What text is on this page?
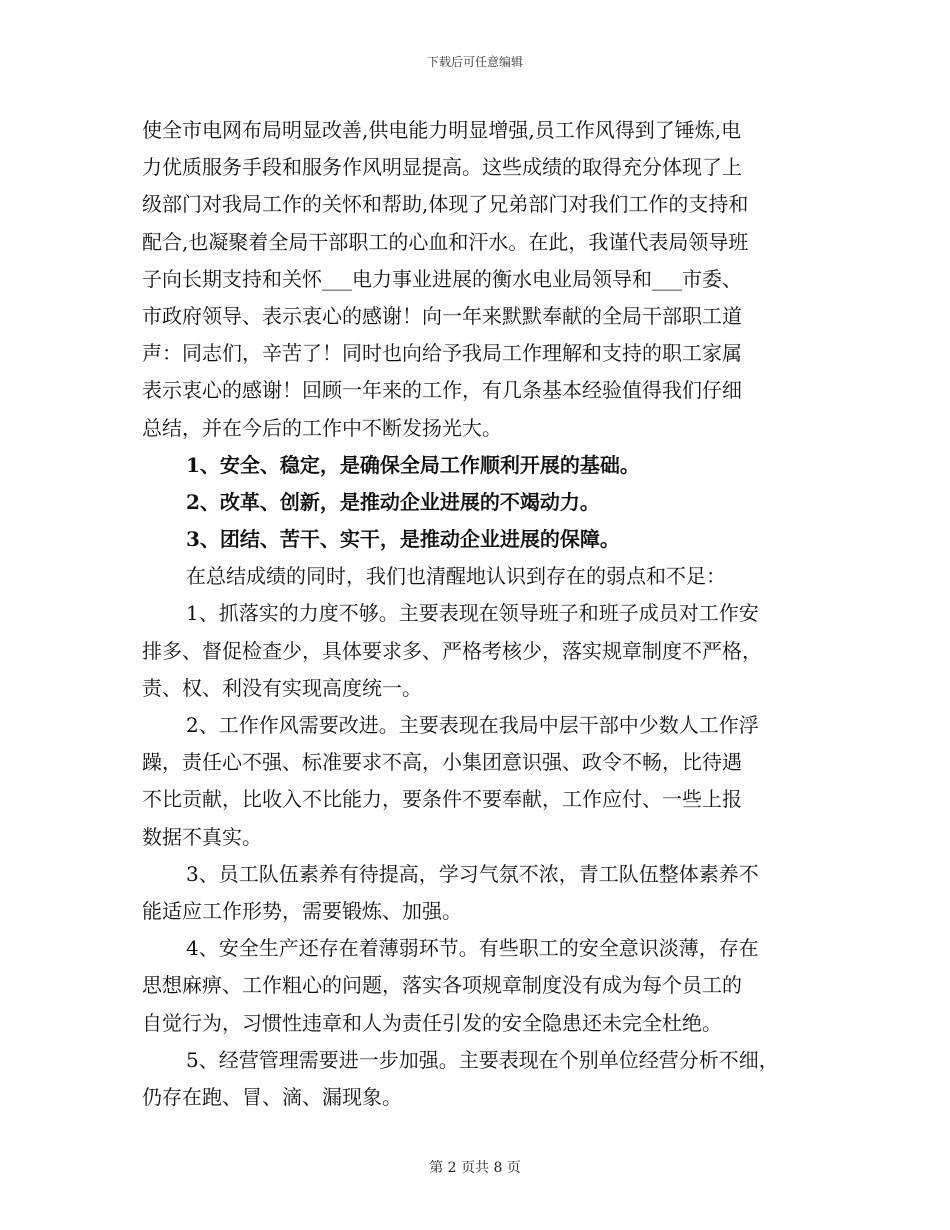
下载后可任意编辑
使全市电网布局明显改善,供电能力明显增强,员工作风得到了锤炼,电
力优质服务手段和服务作风明显提高。这些成绩的取得充分体现了上
级部门对我局工作的关怀和帮助,体现了兄弟部门对我们工作的支持和
配合,也凝聚着全局干部职工的心血和汗水。在此，我谨代表局领导班
子向长期支持和关怀___电力事业进展的衡水电业局领导和___市委、
市政府领导、表示衷心的感谢！向一年来默默奉献的全局干部职工道
声：同志们，辛苦了！同时也向给予我局工作理解和支持的职工家属
表示衷心的感谢！回顾一年来的工作，有几条基本经验值得我们仔细
总结，并在今后的工作中不断发扬光大。
1、安全、稳定，是确保全局工作顺利开展的基础。
2、改革、创新，是推动企业进展的不竭动力。
3、团结、苦干、实干，是推动企业进展的保障。
在总结成绩的同时，我们也清醒地认识到存在的弱点和不足：
1、抓落实的力度不够。主要表现在领导班子和班子成员对工作安
排多、督促检查少，具体要求多、严格考核少，落实规章制度不严格，
责、权、利没有实现高度统一。
2、工作作风需要改进。主要表现在我局中层干部中少数人工作浮
躁，责任心不强、标准要求不高，小集团意识强、政令不畅，比待遇
不比贡献，比收入不比能力，要条件不要奉献，工作应付、一些上报
数据不真实。
3、员工队伍素养有待提高，学习气氛不浓，青工队伍整体素养不
能适应工作形势，需要锻炼、加强。
4、安全生产还存在着薄弱环节。有些职工的安全意识淡薄，存在
思想麻痹、工作粗心的问题，落实各项规章制度没有成为每个员工的
自觉行为，习惯性违章和人为责任引发的安全隐患还未完全杜绝。
5、经营管理需要进一步加强。主要表现在个别单位经营分析不细，
仍存在跑、冒、滴、漏现象。
第 2 页共 8 页
